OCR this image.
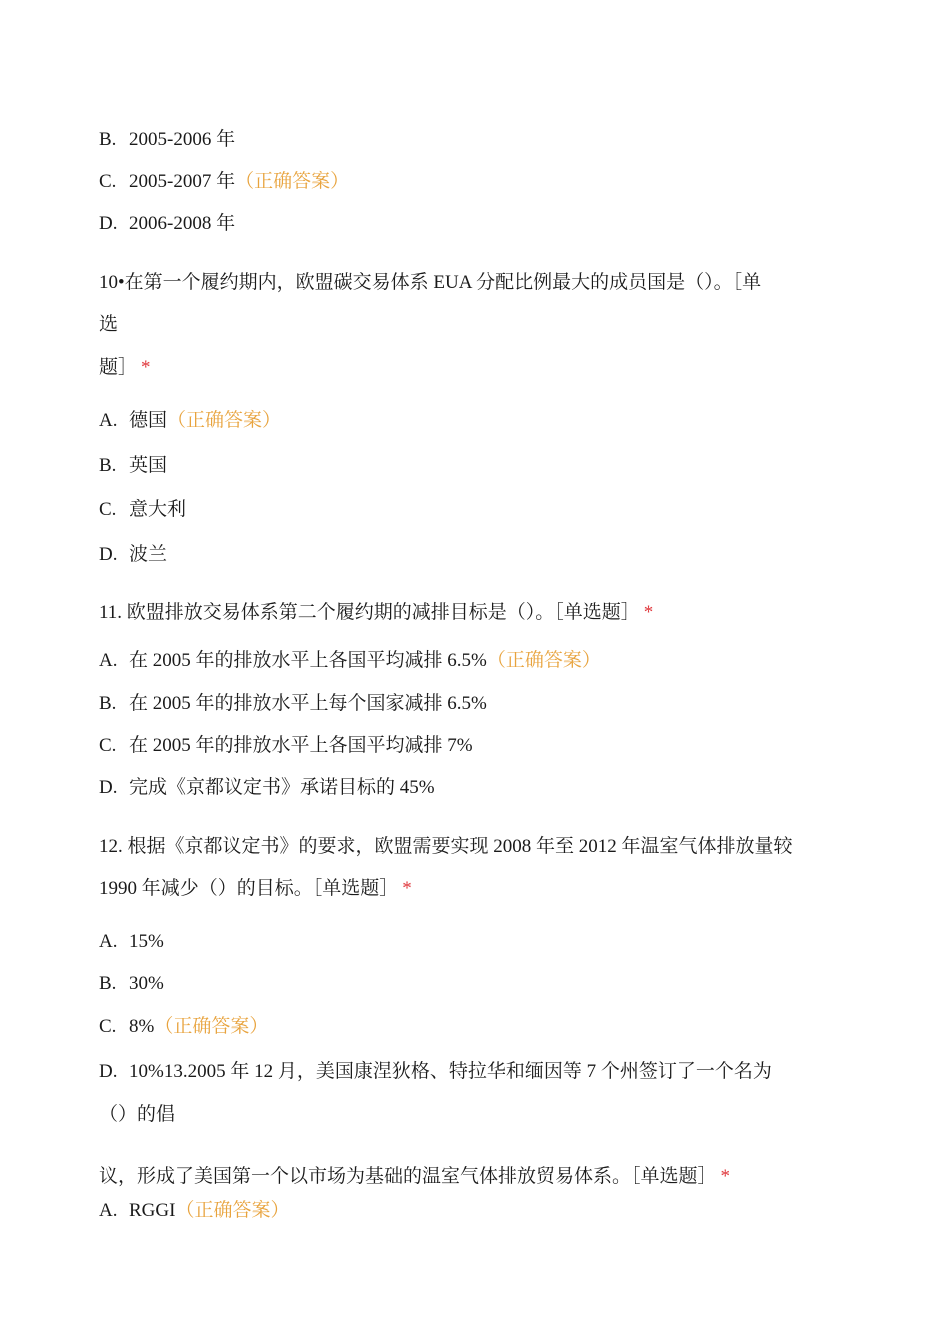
B. 2005-2006 年
C. 2005-2007 年（正确答案）
D. 2006-2008 年
10•在第一个履约期内，欧盟碳交易体系 EUA 分配比例最大的成员国是（）。［单
选
题］ *
A. 德国（正确答案）
B. 英国
C. 意大利
D. 波兰
11. 欧盟排放交易体系第二个履约期的减排目标是（）。［单选题］ *
A. 在 2005 年的排放水平上各国平均减排 6.5%（正确答案）
B. 在 2005 年的排放水平上每个国家减排 6.5%
C. 在 2005 年的排放水平上各国平均减排 7%
D. 完成《京都议定书》承诺目标的 45%
12. 根据《京都议定书》的要求，欧盟需要实现 2008 年至 2012 年温室气体排放量较
1990 年减少（）的目标。［单选题］ *
A. 15%
B. 30%
C. 8%（正确答案）
D. 10%13.2005 年 12 月，美国康涅狄格、特拉华和缅因等 7 个州签订了一个名为
（）的倡
议，形成了美国第一个以市场为基础的温室气体排放贸易体系。［单选题］ *
A. RGGI（正确答案）
